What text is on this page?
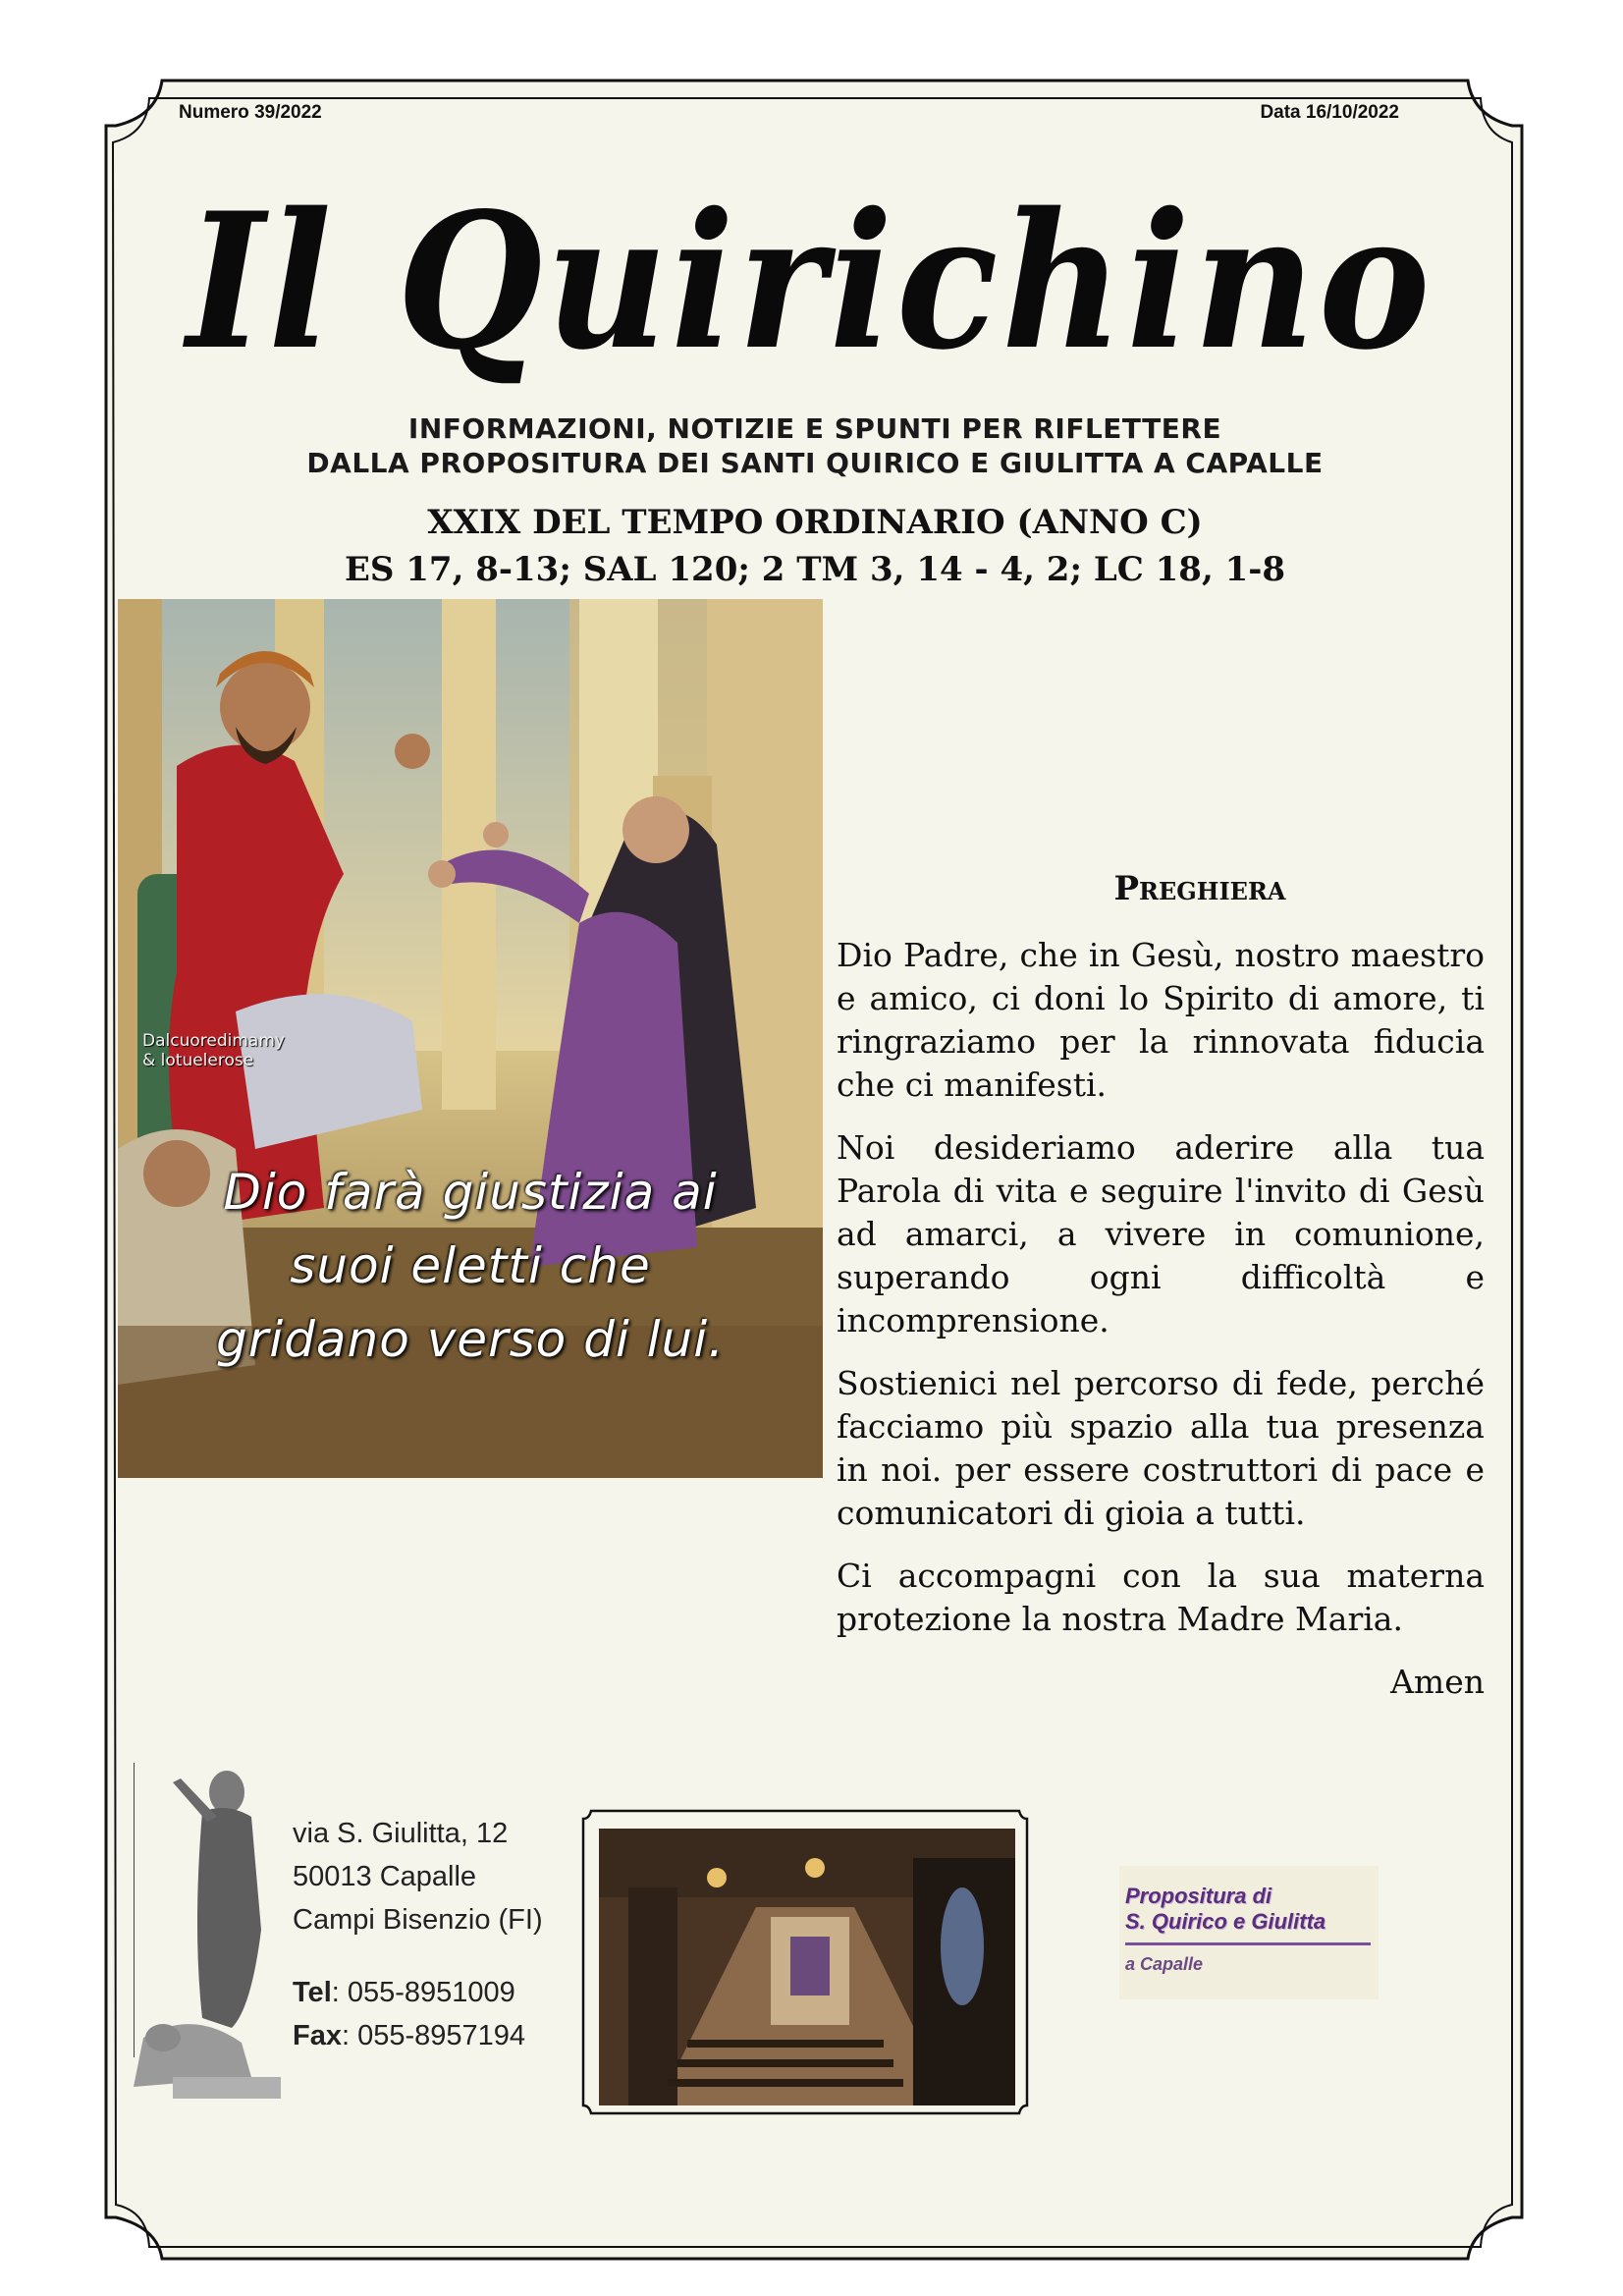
Numero 39/2022	Data 16/10/2022
Il Quirichino
INFORMAZIONI, NOTIZIE E SPUNTI PER RIFLETTERE
DALLA PROPOSITURA DEI SANTI QUIRICO E GIULITTA A CAPALLE
XXIX DEL TEMPO ORDINARIO (ANNO C)
ES 17, 8-13; SAL 120; 2 TM 3, 14 - 4, 2; LC 18, 1-8
Dalcuoredimamy
& lotuelerose
Dio farà giustizia ai
suoi eletti che
gridano verso di lui.
Preghiera

Dio Padre, che in Gesù, nostro maestro e amico, ci doni lo Spirito di amore, ti ringraziamo per la rinnovata fiducia che ci manifesti.

Noi desideriamo aderire alla tua Parola di vita e seguire l'invito di Gesù ad amarci, a vivere in comunione, superando ogni difficoltà e incomprensione.

Sostienici nel percorso di fede, perché facciamo più spazio alla tua presenza in noi. per essere costruttori di pace e comunicatori di gioia a tutti.

Ci accompagni con la sua materna protezione la nostra Madre Maria.

Amen

via S. Giulitta, 12
50013 Capalle
Campi Bisenzio (FI)
Tel: 055-8951009
Fax: 055-8957194
Propositura di
S. Quirico e Giulitta
a Capalle
